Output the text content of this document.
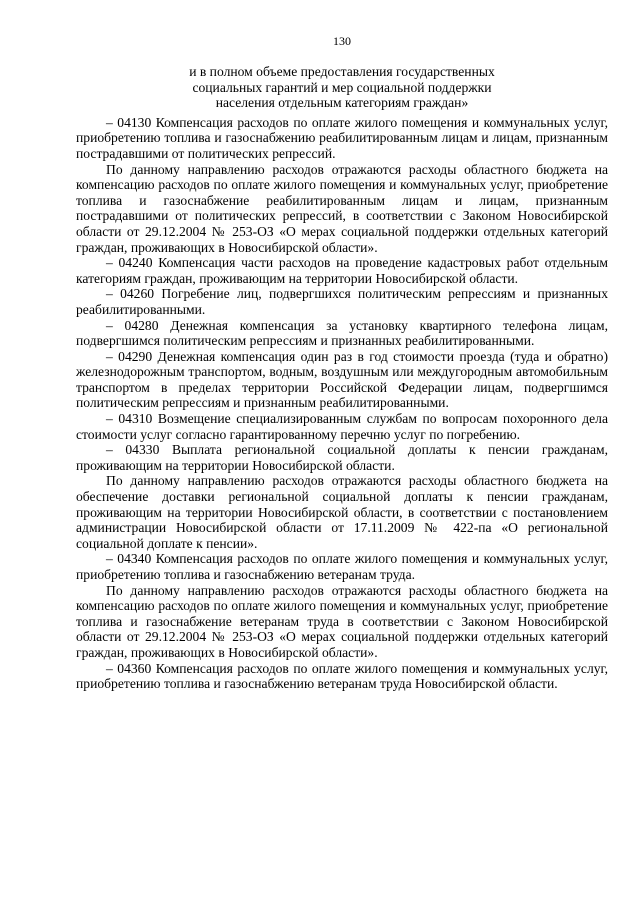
130
и в полном объеме предоставления государственных
социальных гарантий и мер социальной поддержки
населения отдельным категориям граждан»

– 04130 Компенсация расходов по оплате жилого помещения и коммунальных услуг, приобретению топлива и газоснабжению реабилитированным лицам и лицам, признанным пострадавшими от политических репрессий.

По данному направлению расходов отражаются расходы областного бюджета на компенсацию расходов по оплате жилого помещения и коммунальных услуг, приобретение топлива и газоснабжение реабилитированным лицам и лицам, признанным пострадавшими от политических репрессий, в соответствии с Законом Новосибирской области от 29.12.2004 № 253-ОЗ «О мерах социальной поддержки отдельных категорий граждан, проживающих в Новосибирской области».

– 04240 Компенсация части расходов на проведение кадастровых работ отдельным категориям граждан, проживающим на территории Новосибирской области.

– 04260 Погребение лиц, подвергшихся политическим репрессиям и признанных реабилитированными.

– 04280 Денежная компенсация за установку квартирного телефона лицам, подвергшимся политическим репрессиям и признанных реабилитированными.

– 04290 Денежная компенсация один раз в год стоимости проезда (туда и обратно) железнодорожным транспортом, водным, воздушным или междугородным автомобильным транспортом в пределах территории Российской Федерации лицам, подвергшимся политическим репрессиям и признанным реабилитированными.

– 04310 Возмещение специализированным службам по вопросам похоронного дела стоимости услуг согласно гарантированному перечню услуг по погребению.

– 04330 Выплата региональной социальной доплаты к пенсии гражданам, проживающим на территории Новосибирской области.

По данному направлению расходов отражаются расходы областного бюджета на обеспечение доставки региональной социальной доплаты к пенсии гражданам, проживающим на территории Новосибирской области, в соответствии с постановлением администрации Новосибирской области от 17.11.2009 № 422-па «О региональной социальной доплате к пенсии».

– 04340 Компенсация расходов по оплате жилого помещения и коммунальных услуг, приобретению топлива и газоснабжению ветеранам труда.

По данному направлению расходов отражаются расходы областного бюджета на компенсацию расходов по оплате жилого помещения и коммунальных услуг, приобретение топлива и газоснабжение ветеранам труда в соответствии с Законом Новосибирской области от 29.12.2004 № 253-ОЗ «О мерах социальной поддержки отдельных категорий граждан, проживающих в Новосибирской области».

– 04360 Компенсация расходов по оплате жилого помещения и коммунальных услуг, приобретению топлива и газоснабжению ветеранам труда Новосибирской области.
